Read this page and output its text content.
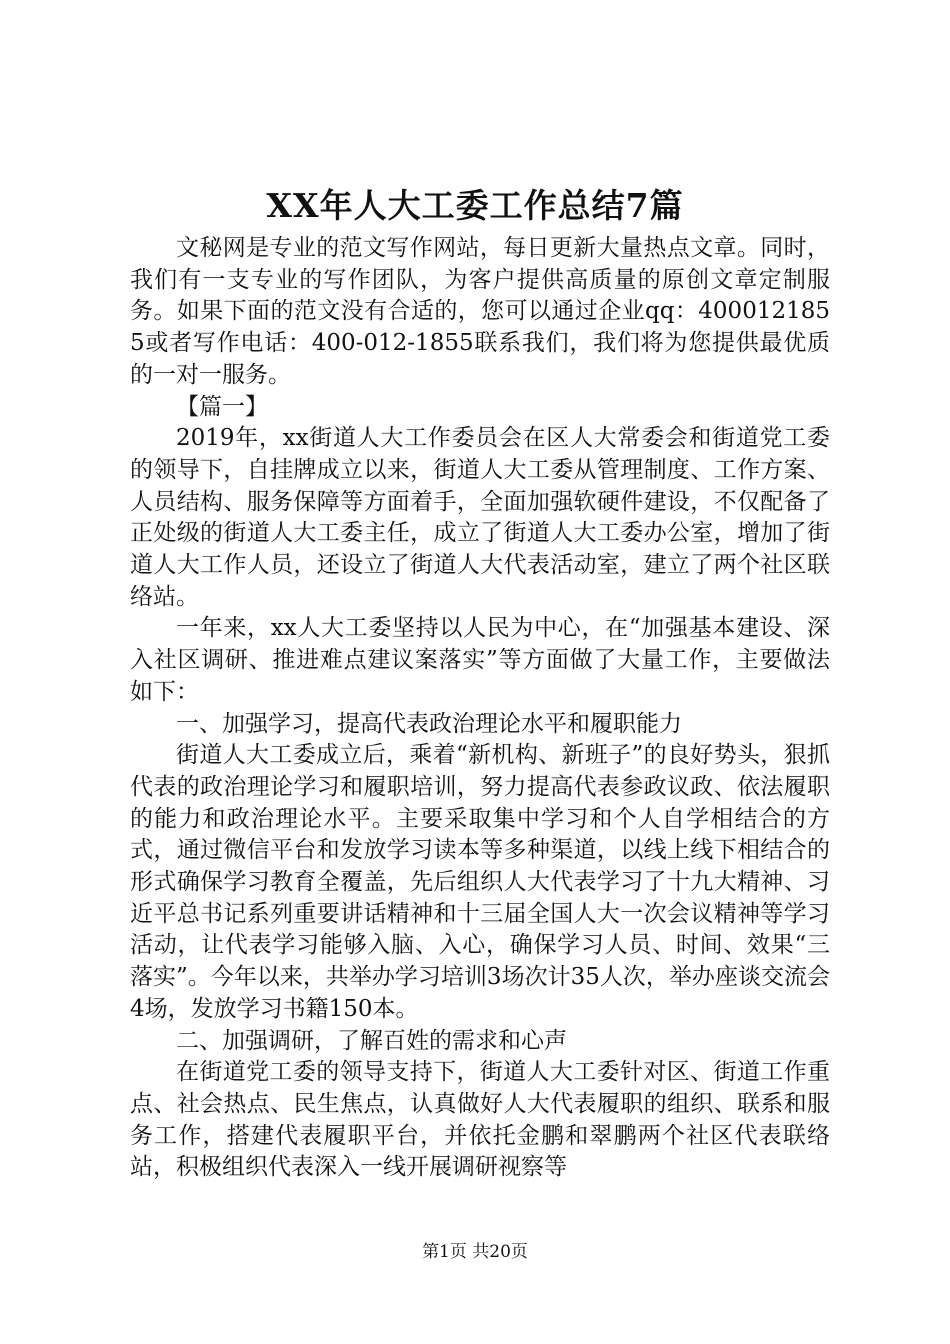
XX年人大工委工作总结7篇

文秘网是专业的范文写作网站，每日更新大量热点文章。同时，我们有一支专业的写作团队，为客户提供高质量的原创文章定制服务。如果下面的范文没有合适的，您可以通过企业qq：4000121855或者写作电话：400-012-1855联系我们，我们将为您提供最优质的一对一服务。

【篇一】

2019年，xx街道人大工作委员会在区人大常委会和街道党工委的领导下，自挂牌成立以来，街道人大工委从管理制度、工作方案、人员结构、服务保障等方面着手，全面加强软硬件建设，不仅配备了正处级的街道人大工委主任，成立了街道人大工委办公室，增加了街道人大工作人员，还设立了街道人大代表活动室，建立了两个社区联络站。

一年来，xx人大工委坚持以人民为中心，在“加强基本建设、深入社区调研、推进难点建议案落实”等方面做了大量工作，主要做法如下：

一、加强学习，提高代表政治理论水平和履职能力

街道人大工委成立后，乘着“新机构、新班子”的良好势头，狠抓代表的政治理论学习和履职培训，努力提高代表参政议政、依法履职的能力和政治理论水平。主要采取集中学习和个人自学相结合的方式，通过微信平台和发放学习读本等多种渠道，以线上线下相结合的形式确保学习教育全覆盖，先后组织人大代表学习了十九大精神、习近平总书记系列重要讲话精神和十三届全国人大一次会议精神等学习活动，让代表学习能够入脑、入心，确保学习人员、时间、效果“三落实”。今年以来，共举办学习培训3场次计35人次，举办座谈交流会4场，发放学习书籍150本。

二、加强调研，了解百姓的需求和心声

在街道党工委的领导支持下，街道人大工委针对区、街道工作重点、社会热点、民生焦点，认真做好人大代表履职的组织、联系和服务工作，搭建代表履职平台，并依托金鹏和翠鹏两个社区代表联络站，积极组织代表深入一线开展调研视察等

第1页 共20页
